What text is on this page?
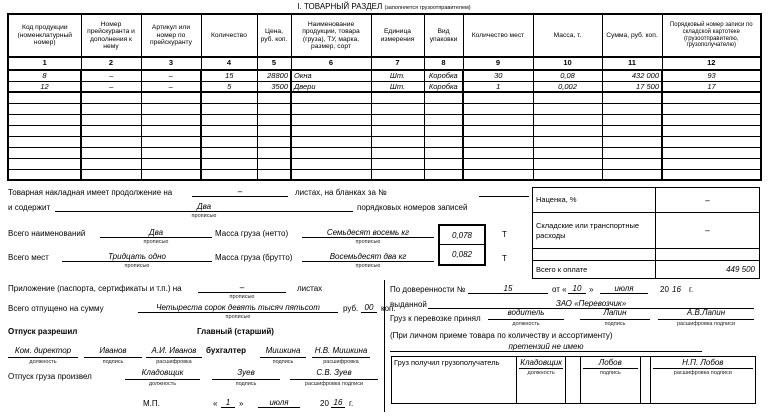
I. ТОВАРНЫЙ РАЗДЕЛ (заполняется грузоотправителем)
Код продукции (номенклатурный номер)	Номер прейскуранта и дополнения к нему	Артикул или номер по прейскуранту	Количество	Цена, руб. коп.	Наименование продукции, товара (груза), ТУ, марка, размер, сорт	Единица измерения	Вид упаковки	Количество мест	Масса, т.	Сумма, руб. коп.	Порядковый номер записи по складской картотеке (грузоотправителю, грузополучателю)
1	2	3	4	5	6	7	8	9	10	11	12
8	–	–	15	28800	Окна	Шт.	Коробка	30	0,08	432 000	93
12	–	–	5	3500	Двери	Шт.	Коробка	1	0,002	17 500	17

Товарная накладная имеет продолжение на	–	листах, на бланках за №
и содержит	Два
прописью
порядковых номеров записей
Всего наименований	Два
прописью
Масса груза (нетто)	Семьдесят восемь кг
прописью
Всего мест	Тридцать одно
прописью
Масса груза (брутто)	Восемьдесят два кг
прописью
0,078
0,082
Т
Т
Наценка, %	–
Складские или транспортные расходы	–
Всего к оплате	449 500
Приложение (паспорта, сертификаты и т.п.) на	–
прописью
листах
Всего отпущено на сумму	Четыреста сорок девять тысяч пятьсот
прописью
руб. 00 коп.
Отпуск разрешил	Главный (старший)
Ком. директор
должность
Иванов
подпись
А.И. Иванов
расшифровка
бухгалтер	Мишкина
подпись
Н.В. Мишкина
расшифровка
Отпуск груза произвел	Кладовщик
должность
Зуев
подпись
С.В. Зуев
расшифровка подписи
М.П.	«	1	»	июля	20 16 г.
По доверенности №	15	от « 10 »	июля	20 16 г.
выданной	ЗАО «Перевозчик»
Груз к перевозке принял
водитель
должность
Лапин
подпись
А.В.Лапин
расшифровка подписи
(При личном приеме товара по количеству и ассортименту)
претензий не имею
Груз получил грузополучатель	Кладовщик
должность
Лобов
подпись
Н.П. Лобов
расшифровка подписи
